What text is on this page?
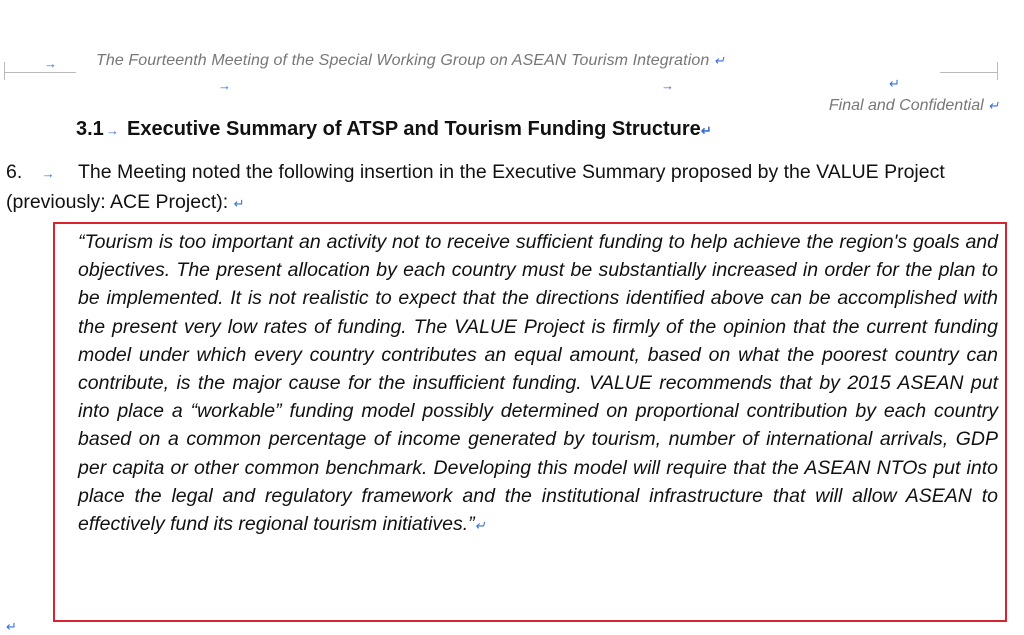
→ The Fourteenth Meeting of the Special Working Group on ASEAN Tourism Integration ↵
→	→	↵
Final and Confidential ↵
3.1 → Executive Summary of ATSP and Tourism Funding Structure↵
6. → The Meeting noted the following insertion in the Executive Summary proposed by the VALUE Project (previously: ACE Project): ↵
“Tourism is too important an activity not to receive sufficient funding to help achieve the region's goals and objectives. The present allocation by each country must be substantially increased in order for the plan to be implemented. It is not realistic to expect that the directions identified above can be accomplished with the present very low rates of funding. The VALUE Project is firmly of the opinion that the current funding model under which every country contributes an equal amount, based on what the poorest country can contribute, is the major cause for the insufficient funding. VALUE recommends that by 2015 ASEAN put into place a “workable” funding model possibly determined on proportional contribution by each country based on a common percentage of income generated by tourism, number of international arrivals, GDP per capita or other common benchmark. Developing this model will require that the ASEAN NTOs put into place the legal and regulatory framework and the institutional infrastructure that will allow ASEAN to effectively fund its regional tourism initiatives.”↵
↵
